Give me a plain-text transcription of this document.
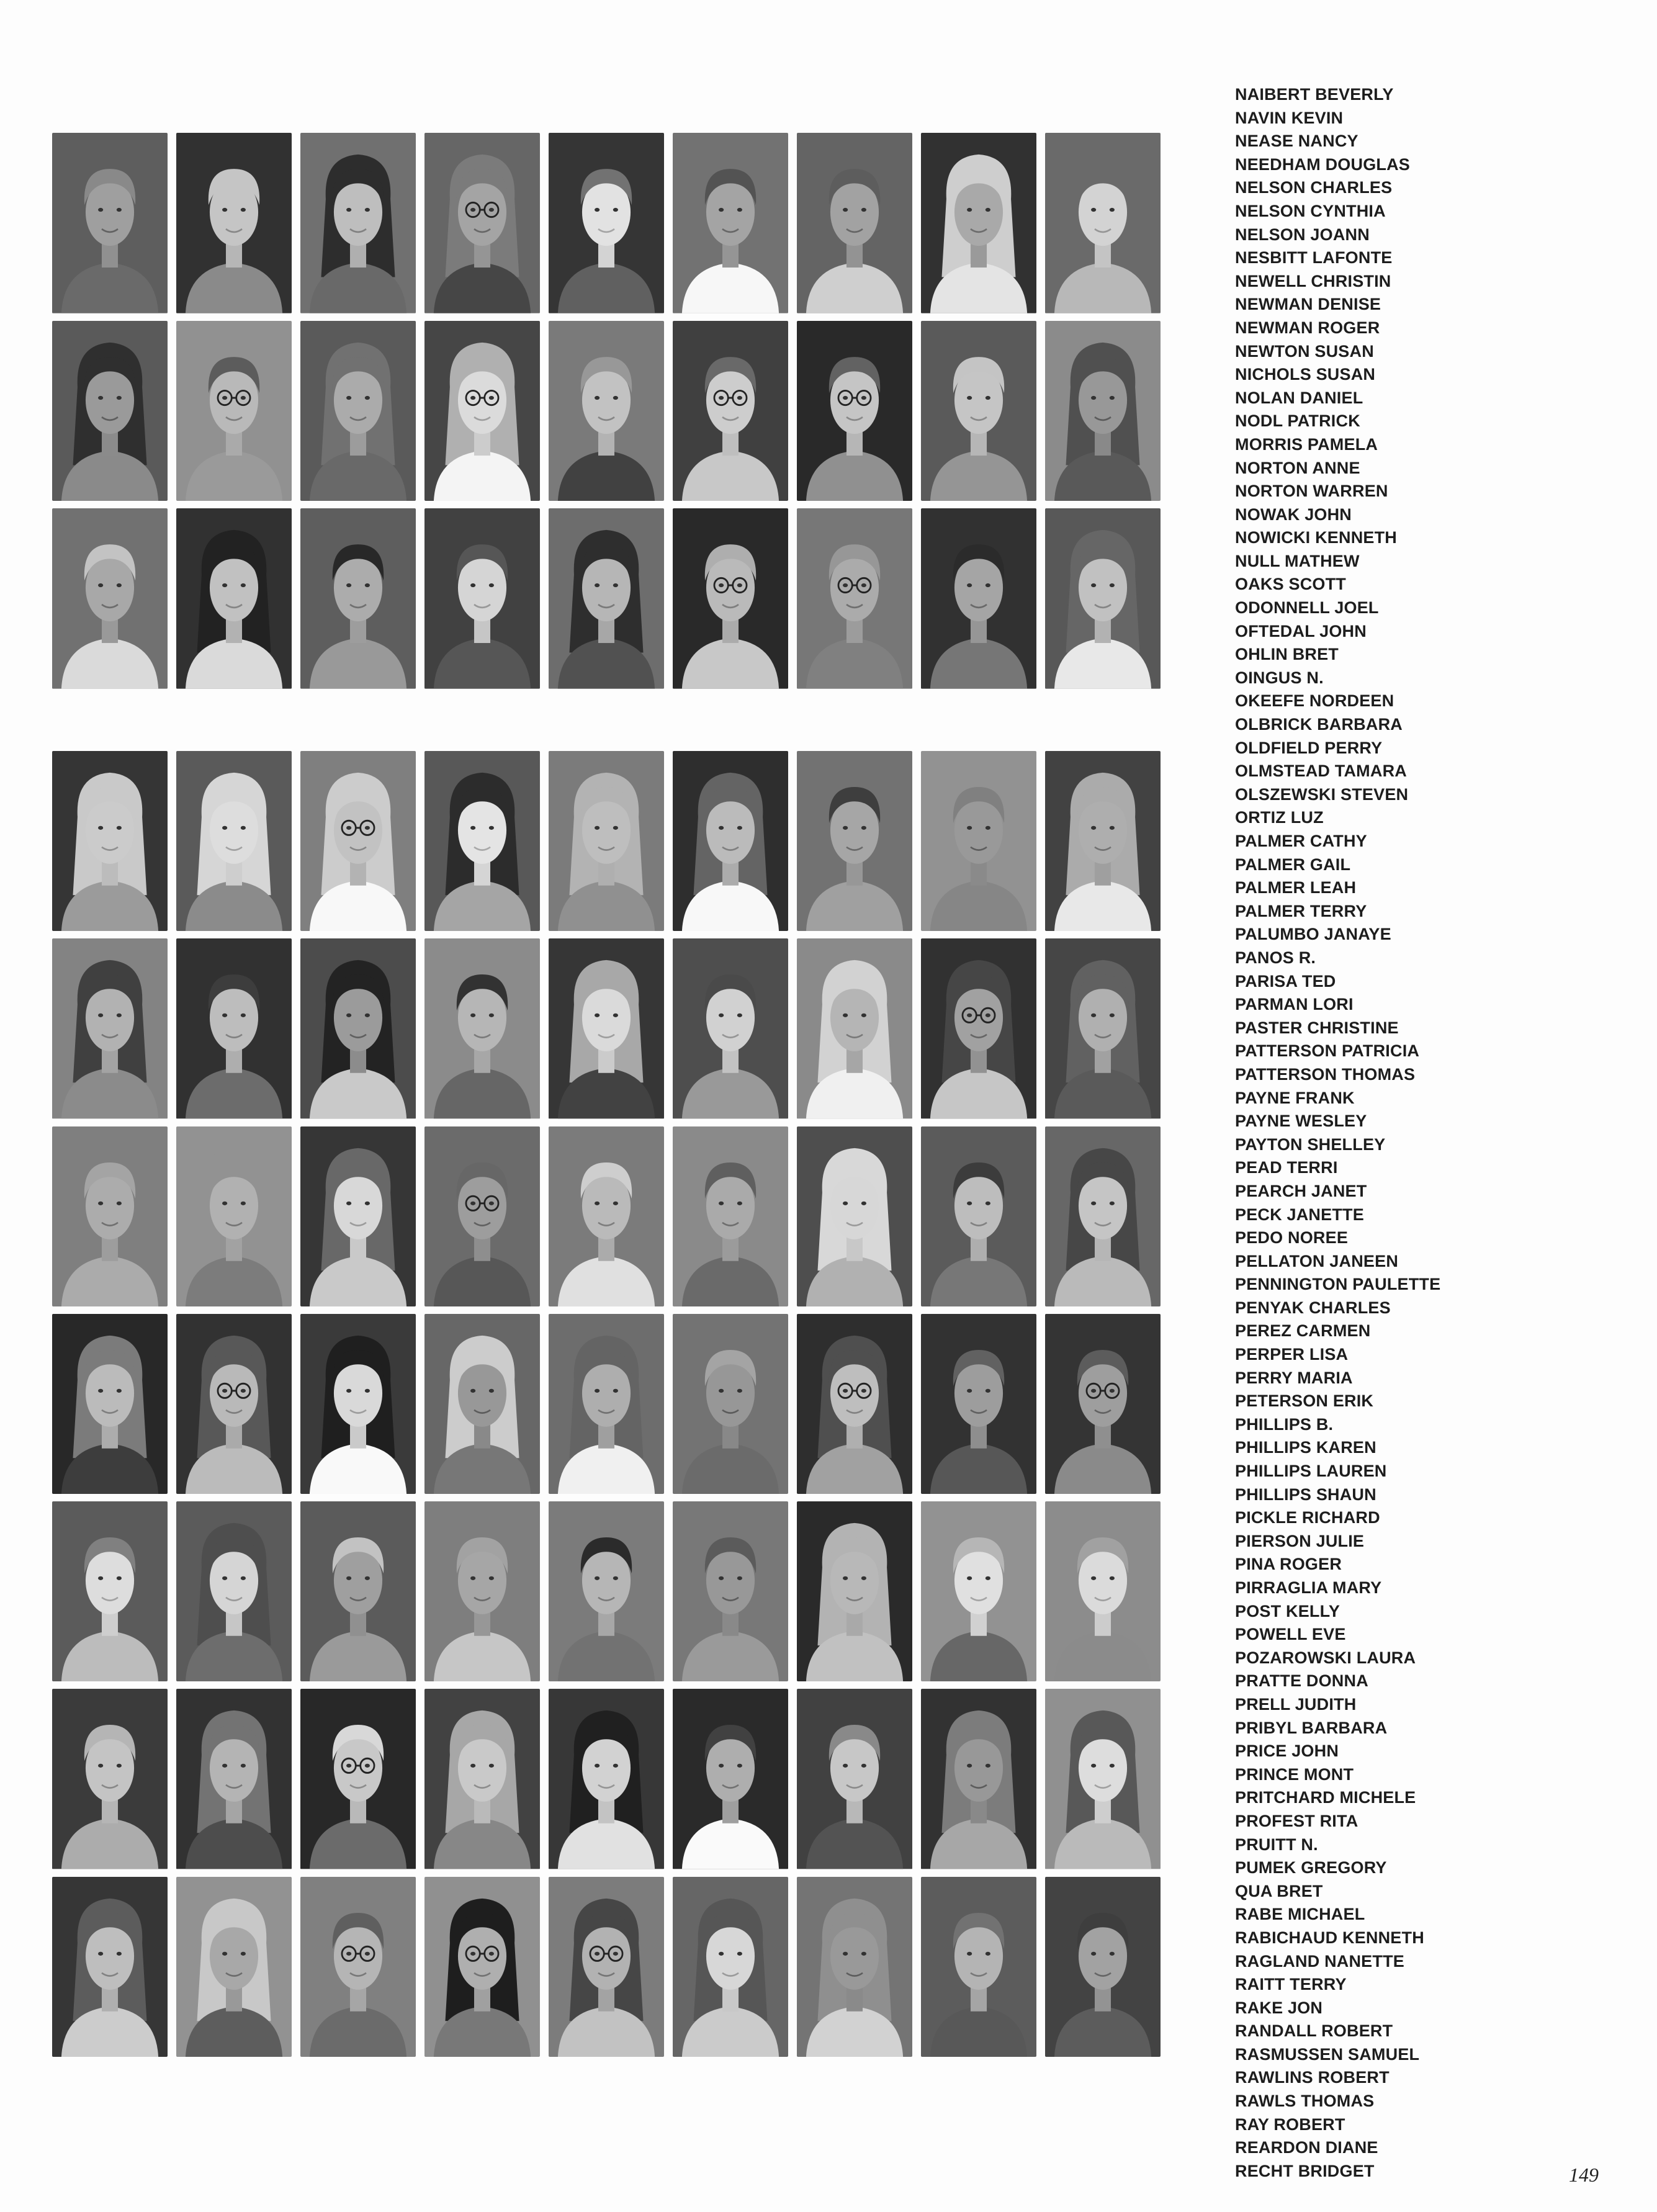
NAIBERT BEVERLY
NAVIN KEVIN
NEASE NANCY
NEEDHAM DOUGLAS
NELSON CHARLES
NELSON CYNTHIA
NELSON JOANN
NESBITT LAFONTE
NEWELL CHRISTIN
NEWMAN DENISE
NEWMAN ROGER
NEWTON SUSAN
NICHOLS SUSAN
NOLAN DANIEL
NODL PATRICK
MORRIS PAMELA
NORTON ANNE
NORTON WARREN
NOWAK JOHN
NOWICKI KENNETH
NULL MATHEW
OAKS SCOTT
ODONNELL JOEL
OFTEDAL JOHN
OHLIN BRET
OINGUS N.
OKEEFE NORDEEN
OLBRICK BARBARA
OLDFIELD PERRY
OLMSTEAD TAMARA
OLSZEWSKI STEVEN
ORTIZ LUZ
PALMER CATHY
PALMER GAIL
PALMER LEAH
PALMER TERRY
PALUMBO JANAYE
PANOS R.
PARISA TED
PARMAN LORI
PASTER CHRISTINE
PATTERSON PATRICIA
PATTERSON THOMAS
PAYNE FRANK
PAYNE WESLEY
PAYTON SHELLEY
PEAD TERRI
PEARCH JANET
PECK JANETTE
PEDO NOREE
PELLATON JANEEN
PENNINGTON PAULETTE
PENYAK CHARLES
PEREZ CARMEN
PERPER LISA
PERRY MARIA
PETERSON ERIK
PHILLIPS B.
PHILLIPS KAREN
PHILLIPS LAUREN
PHILLIPS SHAUN
PICKLE RICHARD
PIERSON JULIE
PINA ROGER
PIRRAGLIA MARY
POST KELLY
POWELL EVE
POZAROWSKI LAURA
PRATTE DONNA
PRELL JUDITH
PRIBYL BARBARA
PRICE JOHN
PRINCE MONT
PRITCHARD MICHELE
PROFEST RITA
PRUITT N.
PUMEK GREGORY
QUA BRET
RABE MICHAEL
RABICHAUD KENNETH
RAGLAND NANETTE
RAITT TERRY
RAKE JON
RANDALL ROBERT
RASMUSSEN SAMUEL
RAWLINS ROBERT
RAWLS THOMAS
RAY ROBERT
REARDON DIANE
RECHT BRIDGET	149
